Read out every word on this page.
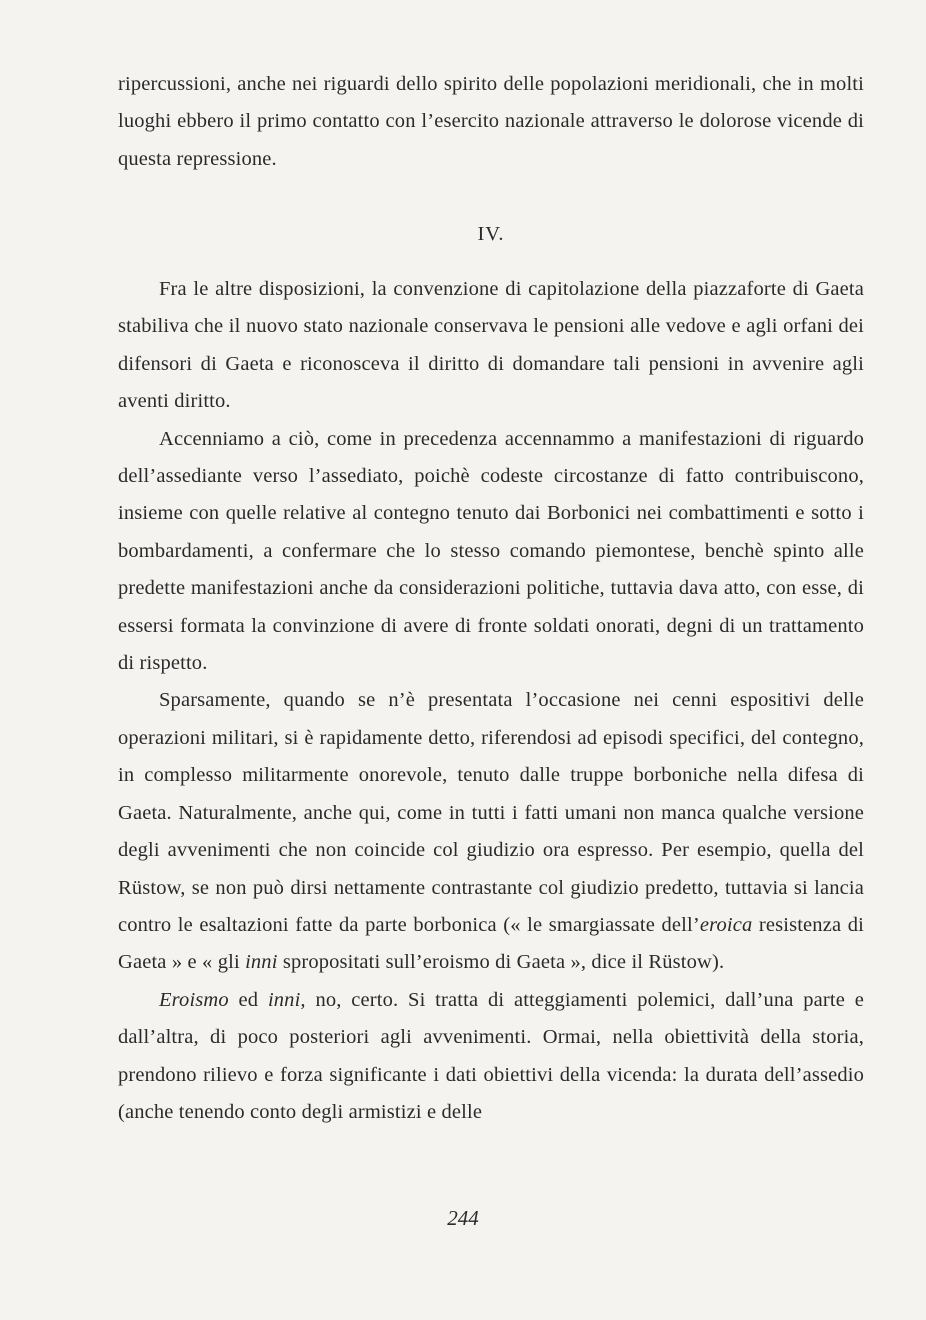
ripercussioni, anche nei riguardi dello spirito delle popolazioni meridionali, che in molti luoghi ebbero il primo contatto con l’esercito nazionale attraverso le dolorose vicende di questa repressione.

IV.

Fra le altre disposizioni, la convenzione di capitolazione della piazzaforte di Gaeta stabiliva che il nuovo stato nazionale conservava le pensioni alle vedove e agli orfani dei difensori di Gaeta e riconosceva il diritto di domandare tali pensioni in avvenire agli aventi diritto.

Accenniamo a ciò, come in precedenza accennammo a manifestazioni di riguardo dell’assediante verso l’assediato, poichè codeste circostanze di fatto contribuiscono, insieme con quelle relative al contegno tenuto dai Borbonici nei combattimenti e sotto i bombardamenti, a confermare che lo stesso comando piemontese, benchè spinto alle predette manifestazioni anche da considerazioni politiche, tuttavia dava atto, con esse, di essersi formata la convinzione di avere di fronte soldati onorati, degni di un trattamento di rispetto.

Sparsamente, quando se n’è presentata l’occasione nei cenni espositivi delle operazioni militari, si è rapidamente detto, riferendosi ad episodi specifici, del contegno, in complesso militarmente onorevole, tenuto dalle truppe borboniche nella difesa di Gaeta. Naturalmente, anche qui, come in tutti i fatti umani non manca qualche versione degli avvenimenti che non coincide col giudizio ora espresso. Per esempio, quella del Rüstow, se non può dirsi nettamente contrastante col giudizio predetto, tuttavia si lancia contro le esaltazioni fatte da parte borbonica (« le smargiassate dell’eroica resistenza di Gaeta » e « gli inni spropositati sull’eroismo di Gaeta », dice il Rüstow).

Eroismo ed inni, no, certo. Si tratta di atteggiamenti polemici, dall’una parte e dall’altra, di poco posteriori agli avvenimenti. Ormai, nella obiettività della storia, prendono rilievo e forza significante i dati obiettivi della vicenda: la durata dell’assedio (anche tenendo conto degli armistizi e delle

244
